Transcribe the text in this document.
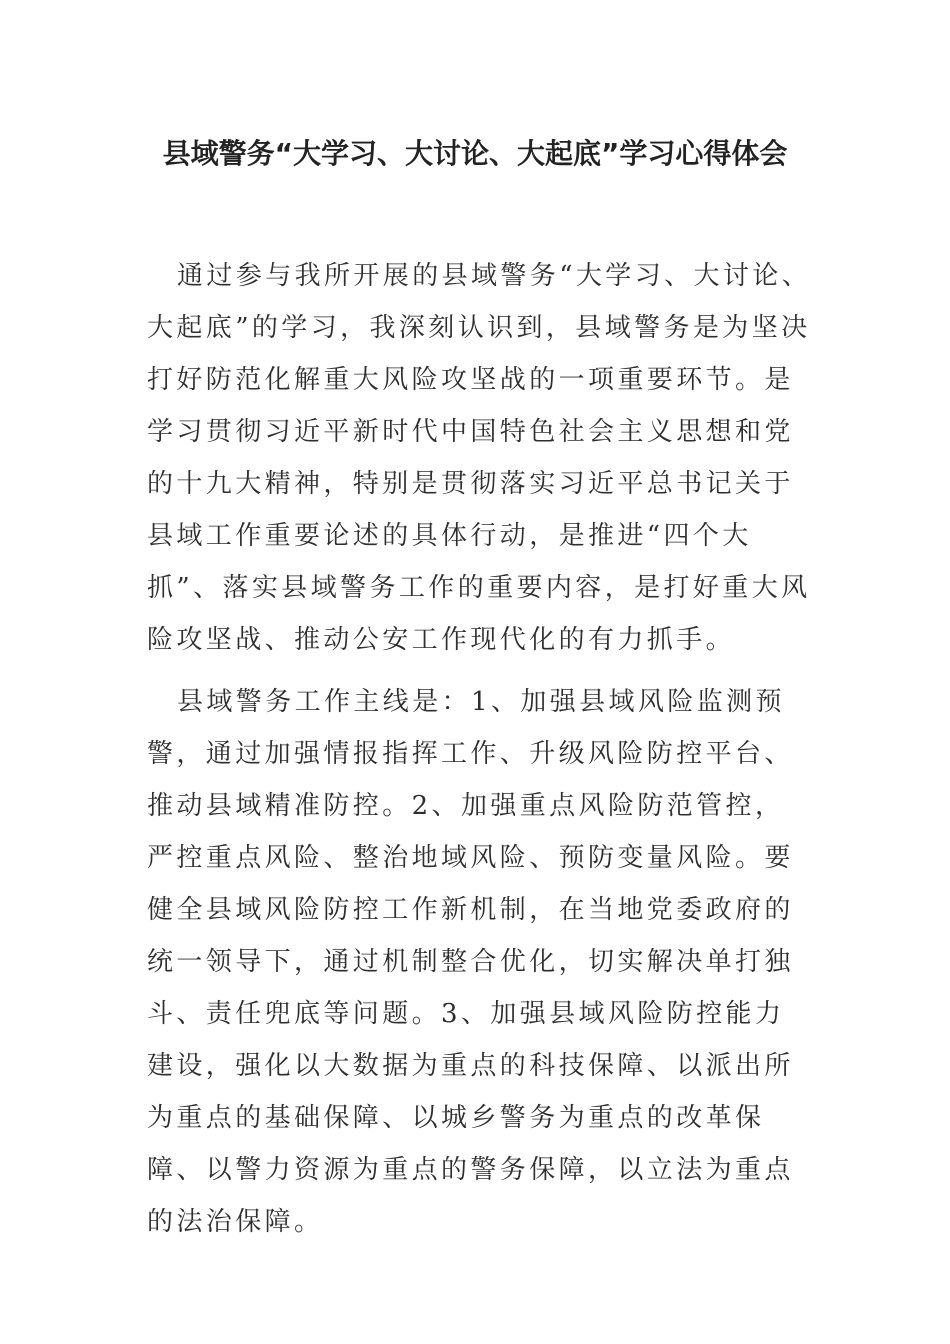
县域警务“大学习、大讨论、大起底”学习心得体会

通过参与我所开展的县域警务“大学习、大讨论、大起底”的学习，我深刻认识到，县域警务是为坚决打好防范化解重大风险攻坚战的一项重要环节。是学习贯彻习近平新时代中国特色社会主义思想和党的十九大精神，特别是贯彻落实习近平总书记关于县域工作重要论述的具体行动，是推进“四个大抓”、落实县域警务工作的重要内容，是打好重大风险攻坚战、推动公安工作现代化的有力抓手。

县域警务工作主线是：1、加强县域风险监测预警，通过加强情报指挥工作、升级风险防控平台、推动县域精准防控。2、加强重点风险防范管控，严控重点风险、整治地域风险、预防变量风险。要健全县域风险防控工作新机制，在当地党委政府的统一领导下，通过机制整合优化，切实解决单打独斗、责任兜底等问题。3、加强县域风险防控能力建设，强化以大数据为重点的科技保障、以派出所为重点的基础保障、以城乡警务为重点的改革保障、以警力资源为重点的警务保障，以立法为重点的法治保障。
